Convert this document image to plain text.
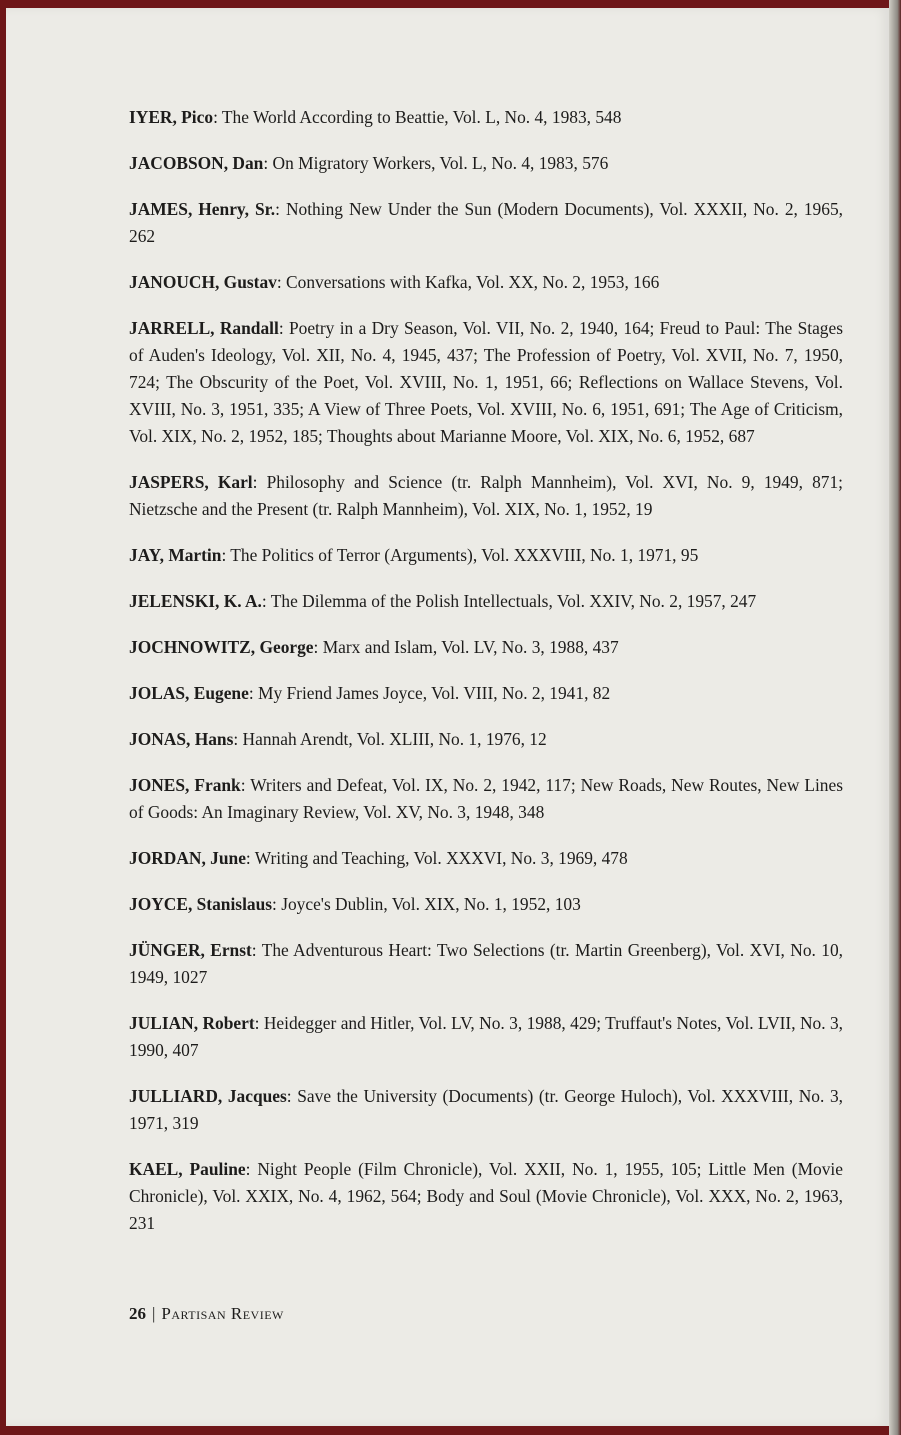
IYER, Pico: The World According to Beattie, Vol. L, No. 4, 1983, 548

JACOBSON, Dan: On Migratory Workers, Vol. L, No. 4, 1983, 576

JAMES, Henry, Sr.: Nothing New Under the Sun (Modern Documents), Vol. XXXII, No. 2, 1965, 262

JANOUCH, Gustav: Conversations with Kafka, Vol. XX, No. 2, 1953, 166

JARRELL, Randall: Poetry in a Dry Season, Vol. VII, No. 2, 1940, 164; Freud to Paul: The Stages of Auden's Ideology, Vol. XII, No. 4, 1945, 437; The Profession of Poetry, Vol. XVII, No. 7, 1950, 724; The Obscurity of the Poet, Vol. XVIII, No. 1, 1951, 66; Reflections on Wallace Stevens, Vol. XVIII, No. 3, 1951, 335; A View of Three Poets, Vol. XVIII, No. 6, 1951, 691; The Age of Criticism, Vol. XIX, No. 2, 1952, 185; Thoughts about Marianne Moore, Vol. XIX, No. 6, 1952, 687

JASPERS, Karl: Philosophy and Science (tr. Ralph Mannheim), Vol. XVI, No. 9, 1949, 871; Nietzsche and the Present (tr. Ralph Mannheim), Vol. XIX, No. 1, 1952, 19

JAY, Martin: The Politics of Terror (Arguments), Vol. XXXVIII, No. 1, 1971, 95

JELENSKI, K. A.: The Dilemma of the Polish Intellectuals, Vol. XXIV, No. 2, 1957, 247

JOCHNOWITZ, George: Marx and Islam, Vol. LV, No. 3, 1988, 437

JOLAS, Eugene: My Friend James Joyce, Vol. VIII, No. 2, 1941, 82

JONAS, Hans: Hannah Arendt, Vol. XLIII, No. 1, 1976, 12

JONES, Frank: Writers and Defeat, Vol. IX, No. 2, 1942, 117; New Roads, New Routes, New Lines of Goods: An Imaginary Review, Vol. XV, No. 3, 1948, 348

JORDAN, June: Writing and Teaching, Vol. XXXVI, No. 3, 1969, 478

JOYCE, Stanislaus: Joyce's Dublin, Vol. XIX, No. 1, 1952, 103

JÜNGER, Ernst: The Adventurous Heart: Two Selections (tr. Martin Greenberg), Vol. XVI, No. 10, 1949, 1027

JULIAN, Robert: Heidegger and Hitler, Vol. LV, No. 3, 1988, 429; Truffaut's Notes, Vol. LVII, No. 3, 1990, 407

JULLIARD, Jacques: Save the University (Documents) (tr. George Huloch), Vol. XXXVIII, No. 3, 1971, 319

KAEL, Pauline: Night People (Film Chronicle), Vol. XXII, No. 1, 1955, 105; Little Men (Movie Chronicle), Vol. XXIX, No. 4, 1962, 564; Body and Soul (Movie Chronicle), Vol. XXX, No. 2, 1963, 231

26 | Partisan Review
